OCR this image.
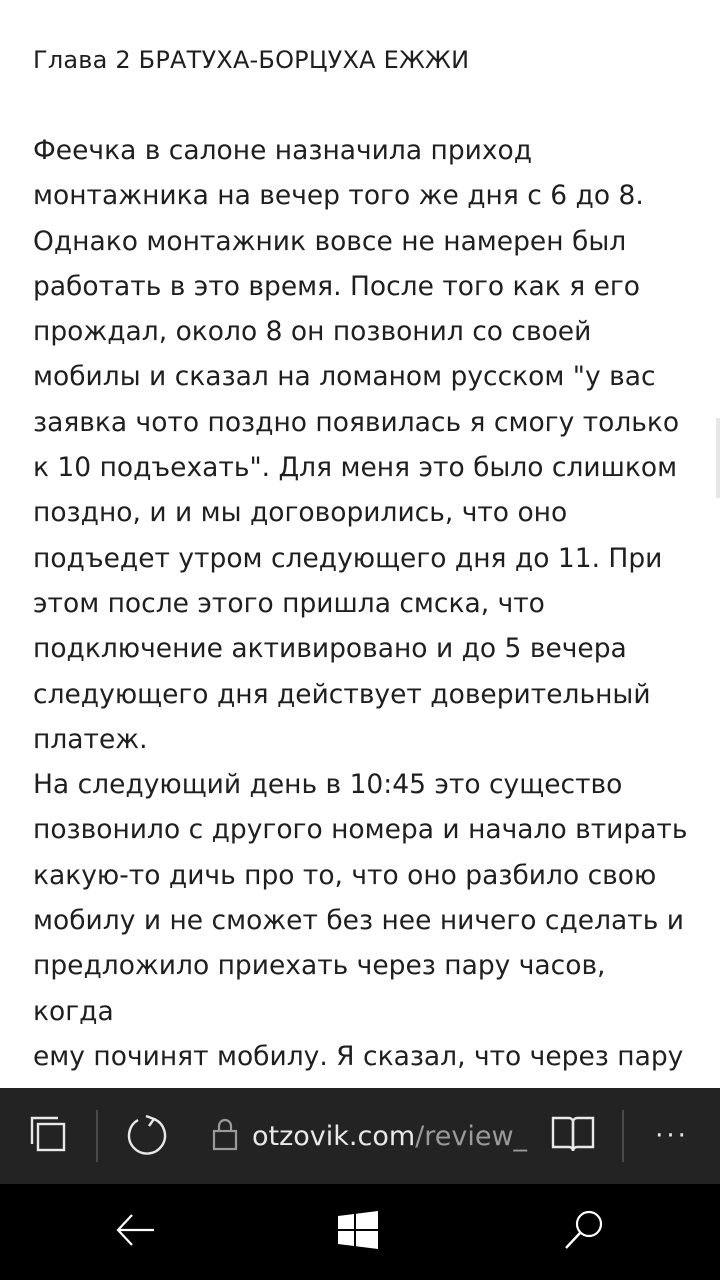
Глава 2 БРАТУХА-БОРЦУХА ЕЖЖИ

Феечка в салоне назначила приход
монтажника на вечер того же дня с 6 до 8.
Однако монтажник вовсе не намерен был
работать в это время. После того как я его
прождал, около 8 он позвонил со своей
мобилы и сказал на ломаном русском "у вас
заявка чото поздно появилась я смогу только
к 10 подъехать". Для меня это было слишком
поздно, и и мы договорились, что оно
подъедет утром следующего дня до 11. При
этом после этого пришла смска, что
подключение активировано и до 5 вечера
следующего дня действует доверительный
платеж.

На следующий день в 10:45 это существо
позвонило с другого номера и начало втирать
какую-то дичь про то, что оно разбило свою
мобилу и не сможет без нее ничего сделать и
предложило приехать через пару часов, когда
ему починят мобилу. Я сказал, что через пару

otzovik.com/review_	···
